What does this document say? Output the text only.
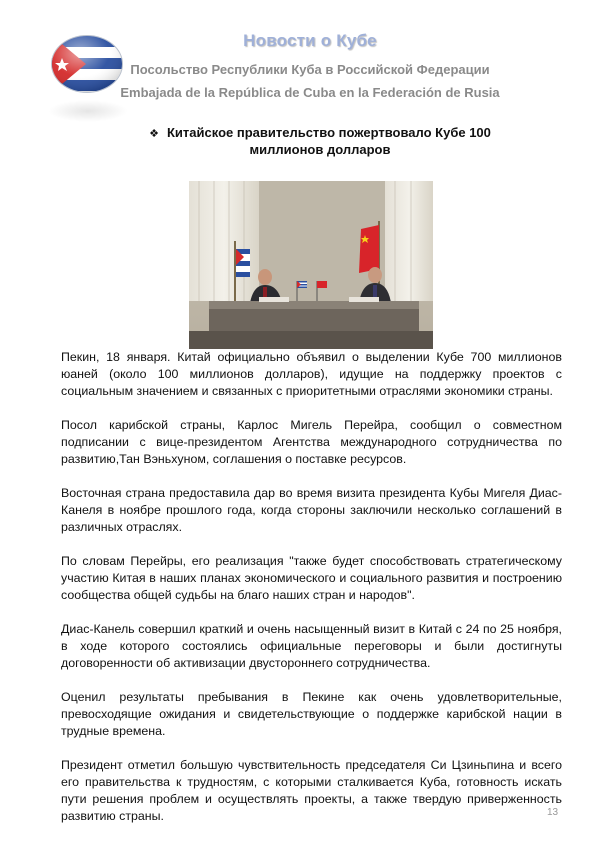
Новости о Кубе
Посольство Республики Куба в Российской Федерации
Embajada de la República de Cuba en la Federación de Rusia
❖ Китайское правительство пожертвовало Кубе 100 миллионов долларов

Пекин, 18 января. Китай официально объявил о выделении Кубе 700 миллионов юаней (около 100 миллионов долларов), идущие на поддержку проектов с социальным значением и связанных с приоритетными отраслями экономики страны.

Посол карибской страны, Карлос Мигель Перейра, сообщил о совместном подписании с вице-президентом Агентства международного сотрудничества по развитию,Тан Вэньхуном, соглашения о поставке ресурсов.

Восточная страна предоставила дар во время визита президента Кубы Мигеля Диас-Канеля в ноябре прошлого года, когда стороны заключили несколько соглашений в различных отраслях.

По словам Перейры, его реализация "также будет способствовать стратегическому участию Китая в наших планах экономического и социального развития и построению сообщества общей судьбы на благо наших стран и народов".

Диас-Канель совершил краткий и очень насыщенный визит в Китай с 24 по 25 ноября, в ходе которого состоялись официальные переговоры и были достигнуты договоренности об активизации двустороннего сотрудничества.

Оценил результаты пребывания в Пекине как очень удовлетворительные, превосходящие ожидания и свидетельствующие о поддержке карибской нации в трудные времена.

Президент отметил большую чувствительность председателя Си Цзиньпина и всего его правительства к трудностям, с которыми сталкивается Куба, готовность искать пути решения проблем и осуществлять проекты, а также твердую приверженность развитию страны.	13
